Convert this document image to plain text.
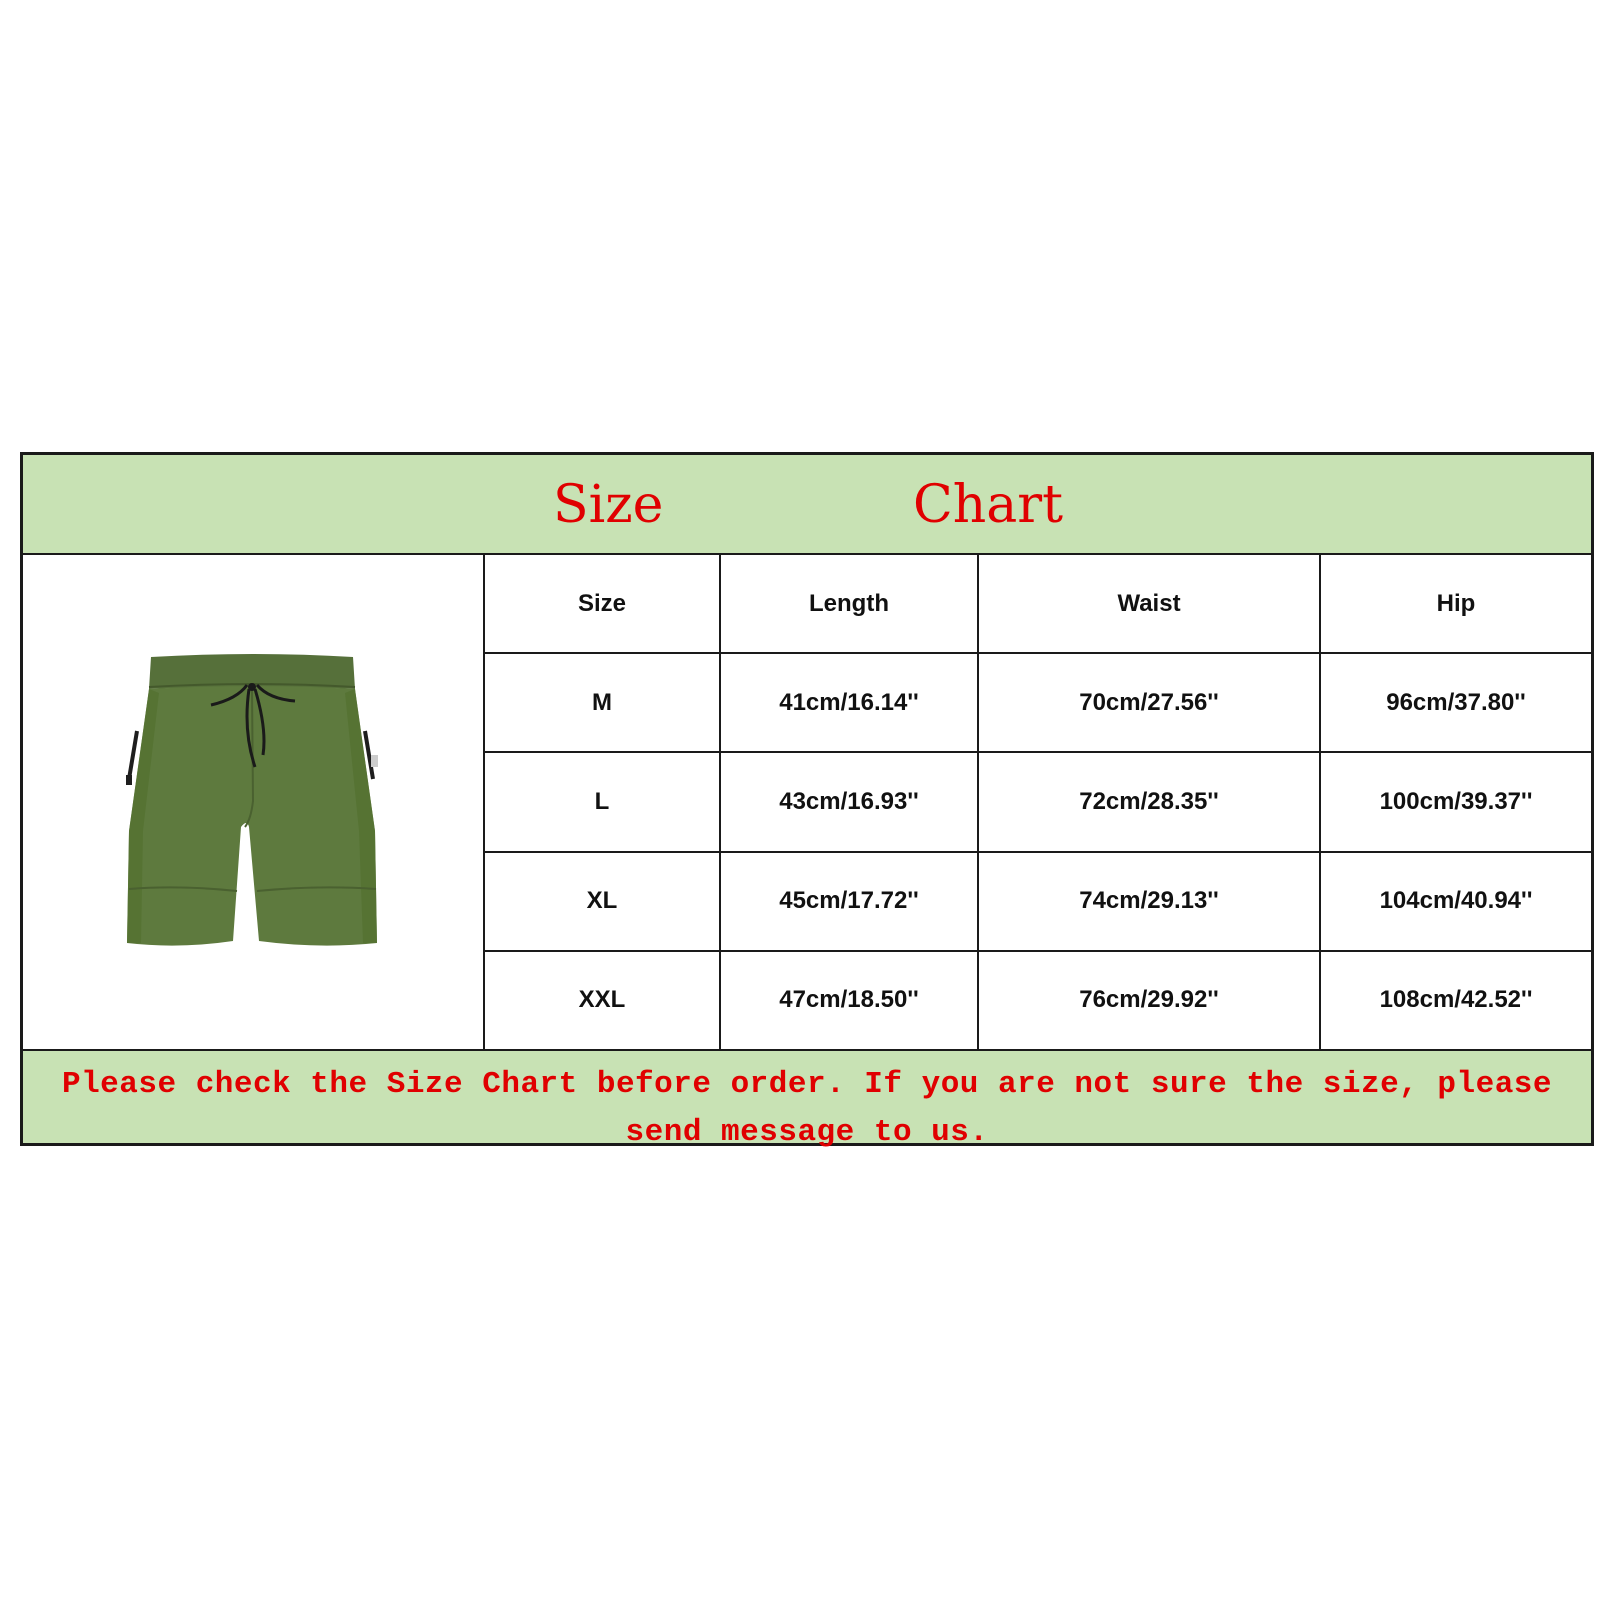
Size	Chart
Size	Length	Waist	Hip
M	41cm/16.14''	70cm/27.56''	96cm/37.80''
L	43cm/16.93''	72cm/28.35''	100cm/39.37''
XL	45cm/17.72''	74cm/29.13''	104cm/40.94''
XXL	47cm/18.50''	76cm/29.92''	108cm/42.52''
Please check the Size Chart before order. If you are not sure the size, please send message to us.
